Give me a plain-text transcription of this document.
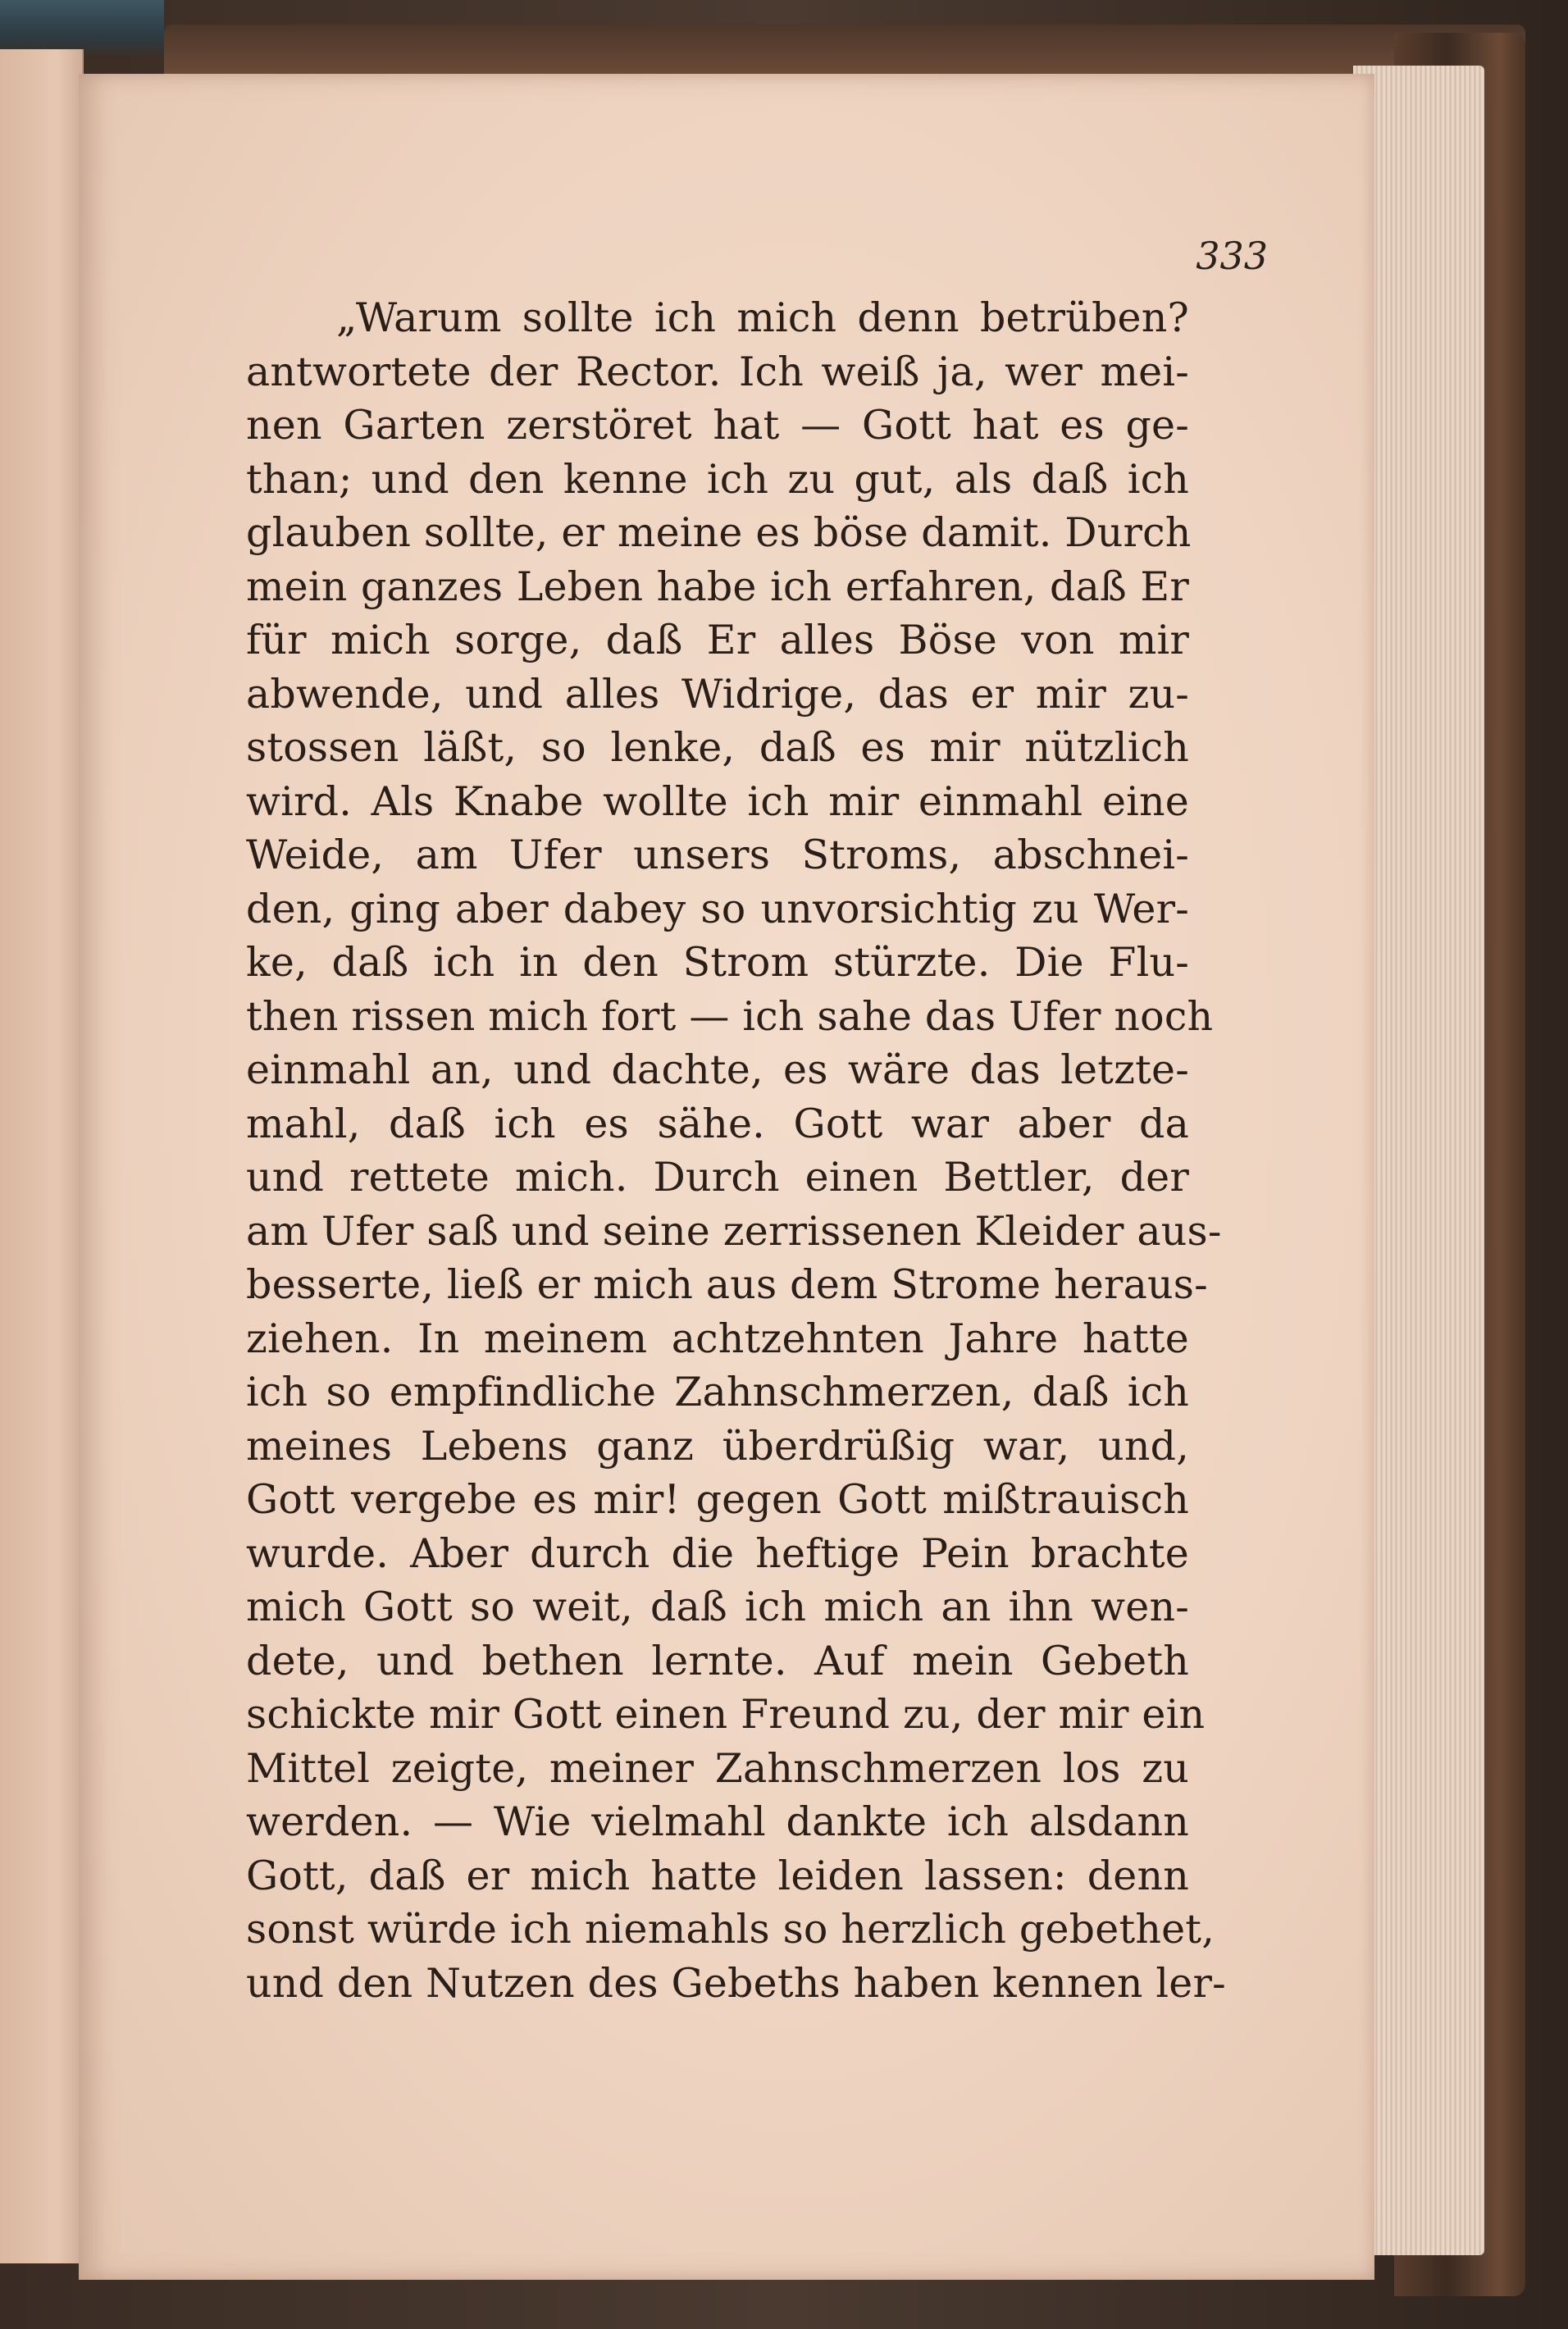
333
„Warum sollte ich mich denn betrüben?
antwortete der Rector. Ich weiß ja, wer mei-
nen Garten zerstöret hat — Gott hat es ge-
than; und den kenne ich zu gut, als daß ich
glauben sollte, er meine es böse damit. Durch
mein ganzes Leben habe ich erfahren, daß Er
für mich sorge, daß Er alles Böse von mir
abwende, und alles Widrige, das er mir zu-
stossen läßt, so lenke, daß es mir nützlich
wird. Als Knabe wollte ich mir einmahl eine
Weide, am Ufer unsers Stroms, abschnei-
den, ging aber dabey so unvorsichtig zu Wer-
ke, daß ich in den Strom stürzte. Die Flu-
then rissen mich fort — ich sahe das Ufer noch
einmahl an, und dachte, es wäre das letzte-
mahl, daß ich es sähe. Gott war aber da
und rettete mich. Durch einen Bettler, der
am Ufer saß und seine zerrissenen Kleider aus-
besserte, ließ er mich aus dem Strome heraus-
ziehen. In meinem achtzehnten Jahre hatte
ich so empfindliche Zahnschmerzen, daß ich
meines Lebens ganz überdrüßig war, und,
Gott vergebe es mir! gegen Gott mißtrauisch
wurde. Aber durch die heftige Pein brachte
mich Gott so weit, daß ich mich an ihn wen-
dete, und bethen lernte. Auf mein Gebeth
schickte mir Gott einen Freund zu, der mir ein
Mittel zeigte, meiner Zahnschmerzen los zu
werden. — Wie vielmahl dankte ich alsdann
Gott, daß er mich hatte leiden lassen: denn
sonst würde ich niemahls so herzlich gebethet,
und den Nutzen des Gebeths haben kennen ler-
